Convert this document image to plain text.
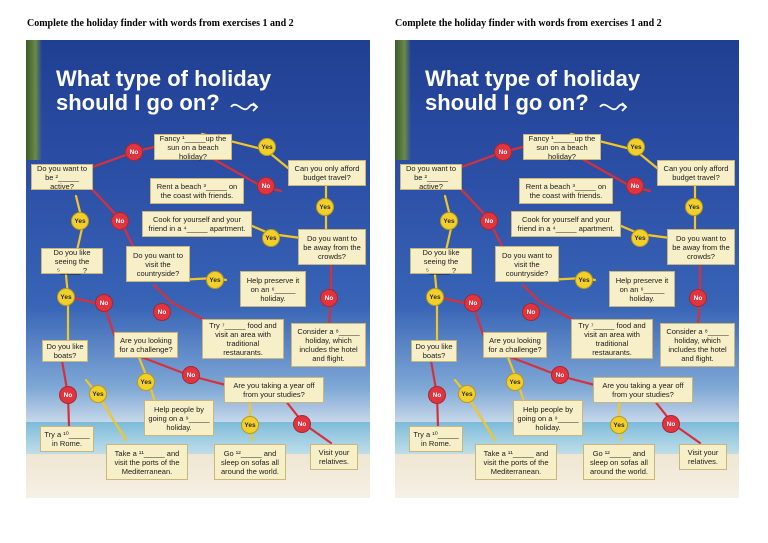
Complete the holiday finder with words from exercises 1 and 2	Complete the holiday finder with words from exercises 1 and 2
What type of holiday
should I go on?
Fancy ¹_____up the sun on a beach holiday?
Do you want to be ²_____ active?
Can you only afford budget travel?
Rent a beach ³_____ on the coast with friends.
Cook for yourself and your friend in a ⁴_____ apartment.
Do you want to be away from the crowds?
Do you like seeing the ⁵_____ ?
Do you want to visit the countryside?
Help preserve it on an ⁶_____ holiday.
Try ⁷_____ food and visit an area with traditional restaurants.
Consider a ⁸_____ holiday, which includes the hotel and flight.
Do you like boats?
Are you looking for a challenge?
Are you taking a year off from your studies?
Help people by going on a ⁹_____ holiday.
Try a ¹⁰_____ in Rome.
Take a ¹¹_____ and visit the ports of the Mediterranean.
Go ¹²_____ and sleep on sofas all around the world.
Visit your relatives.
No
Yes
No
Yes
Yes	No
Yes
Yes
No
No
Yes
No
No
Yes
No	Yes
Yes	No
What type of holiday
should I go on?
Fancy ¹_____up the sun on a beach holiday?
Do you want to be ²_____ active?
Can you only afford budget travel?
Rent a beach ³_____ on the coast with friends.
Cook for yourself and your friend in a ⁴_____ apartment.
Do you want to be away from the crowds?
Do you like seeing the ⁵_____ ?
Do you want to visit the countryside?
Help preserve it on an ⁶_____ holiday.
Try ⁷_____ food and visit an area with traditional restaurants.
Consider a ⁸_____ holiday, which includes the hotel and flight.
Do you like boats?
Are you looking for a challenge?
Are you taking a year off from your studies?
Help people by going on a ⁹_____ holiday.
Try a ¹⁰_____ in Rome.
Take a ¹¹_____ and visit the ports of the Mediterranean.
Go ¹²_____ and sleep on sofas all around the world.
Visit your relatives.
No
Yes
No
Yes
Yes	No
Yes
Yes
No
No
Yes
No
No
Yes
No	Yes
Yes	No
